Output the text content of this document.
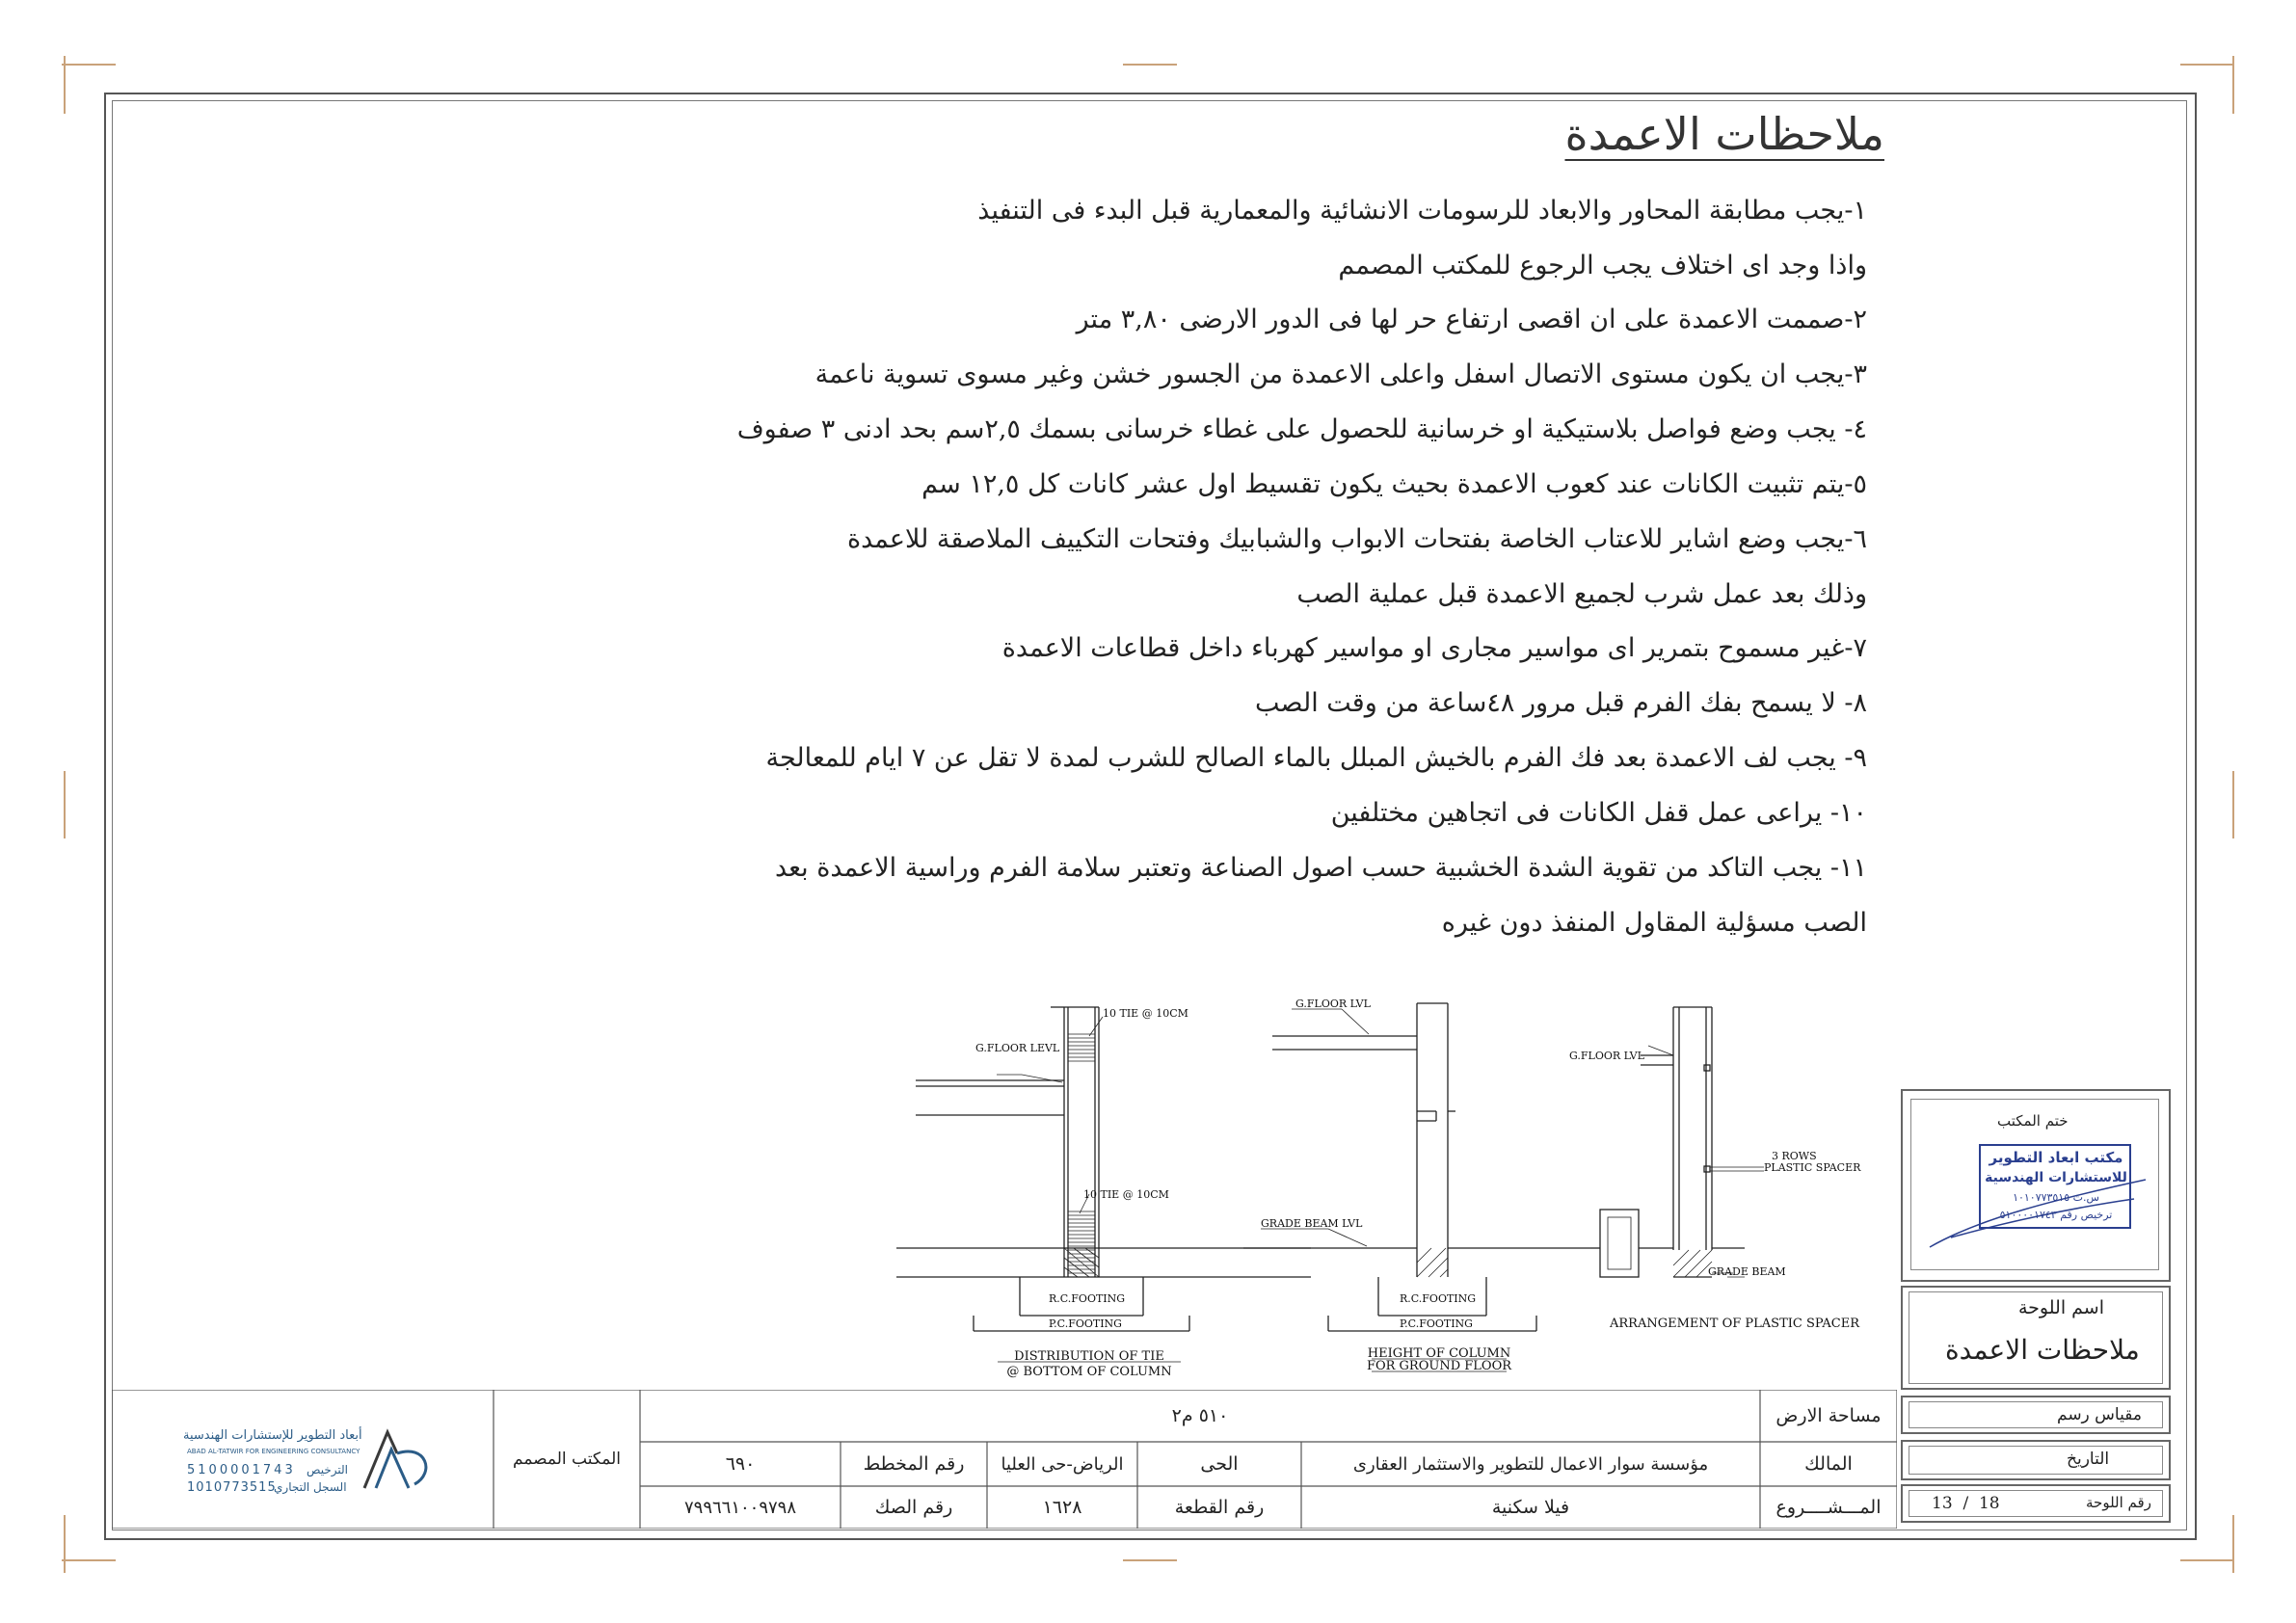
ملاحظات الاعمدة
١-يجب مطابقة المحاور والابعاد للرسومات الانشائية والمعمارية قبل البدء فى التنفيذ
واذا وجد اى اختلاف يجب الرجوع للمكتب المصمم
٢-صممت الاعمدة على ان اقصى ارتفاع حر لها فى الدور الارضى ٣,٨٠ متر
٣-يجب ان يكون مستوى الاتصال اسفل واعلى الاعمدة من الجسور خشن وغير مسوى تسوية ناعمة
٤- يجب وضع فواصل بلاستيكية او خرسانية للحصول على غطاء خرسانى بسمك ٢,٥سم بحد ادنى ٣ صفوف
٥-يتم تثبيت الكانات عند كعوب الاعمدة بحيث يكون تقسيط اول عشر كانات كل ١٢,٥ سم
٦-يجب وضع اشاير للاعتاب الخاصة بفتحات الابواب والشبابيك وفتحات التكييف الملاصقة للاعمدة
وذلك بعد عمل شرب لجميع الاعمدة قبل عملية الصب
٧-غير مسموح بتمرير اى مواسير مجارى او مواسير كهرباء داخل قطاعات الاعمدة
٨- لا يسمح بفك الفرم قبل مرور ٤٨ساعة من وقت الصب
٩- يجب لف الاعمدة بعد فك الفرم بالخيش المبلل بالماء الصالح للشرب لمدة لا تقل عن ٧ ايام للمعالجة
١٠- يراعى عمل قفل الكانات فى اتجاهين مختلفين
١١- يجب التاكد من تقوية الشدة الخشبية حسب اصول الصناعة وتعتبر سلامة الفرم وراسية الاعمدة بعد
الصب مسؤلية المقاول المنفذ دون غيره
10 TIE @ 10CM
G.FLOOR LEVL
10 TIE @ 10CM
R.C.FOOTING
P.C.FOOTING
DISTRIBUTION OF TIE
@ BOTTOM OF COLUMN
G.FLOOR LVL
GRADE BEAM LVL
R.C.FOOTING
P.C.FOOTING
HEIGHT OF COLUMN
FOR GROUND FLOOR
G.FLOOR LVL
3 ROWS
PLASTIC SPACER
GRADE BEAM
ARRANGEMENT OF PLASTIC SPACER
ختم المكتب
مكتب ابعاد التطوير
للاستشارات الهندسية
س.ت ١٠١٠٧٧٣٥١٥
ترخيص رقم ٥١٠٠٠٠١٧٤٣
اسم اللوحة
ملاحظات الاعمدة
مقياس رسم
التاريخ
رقم اللوحة
13  /  18
مساحة الارض
٥١٠ م٢
المالك
مؤسسة سوار الاعمال للتطوير والاستثمار العقارى
الحى
الرياض-حى العليا
رقم المخطط
٦٩٠
المـــشــــروع
فيلا سكنية
رقم القطعة
١٦٢٨
رقم الصك
٧٩٩٦٦١٠٠٩٧٩٨
المكتب المصمم
أبعاد التطوير للإستشارات الهندسية
ABAD AL-TATWIR FOR ENGINEERING CONSULTANCY
5100001743 الترخيص
1010773515
السجل التجاري
